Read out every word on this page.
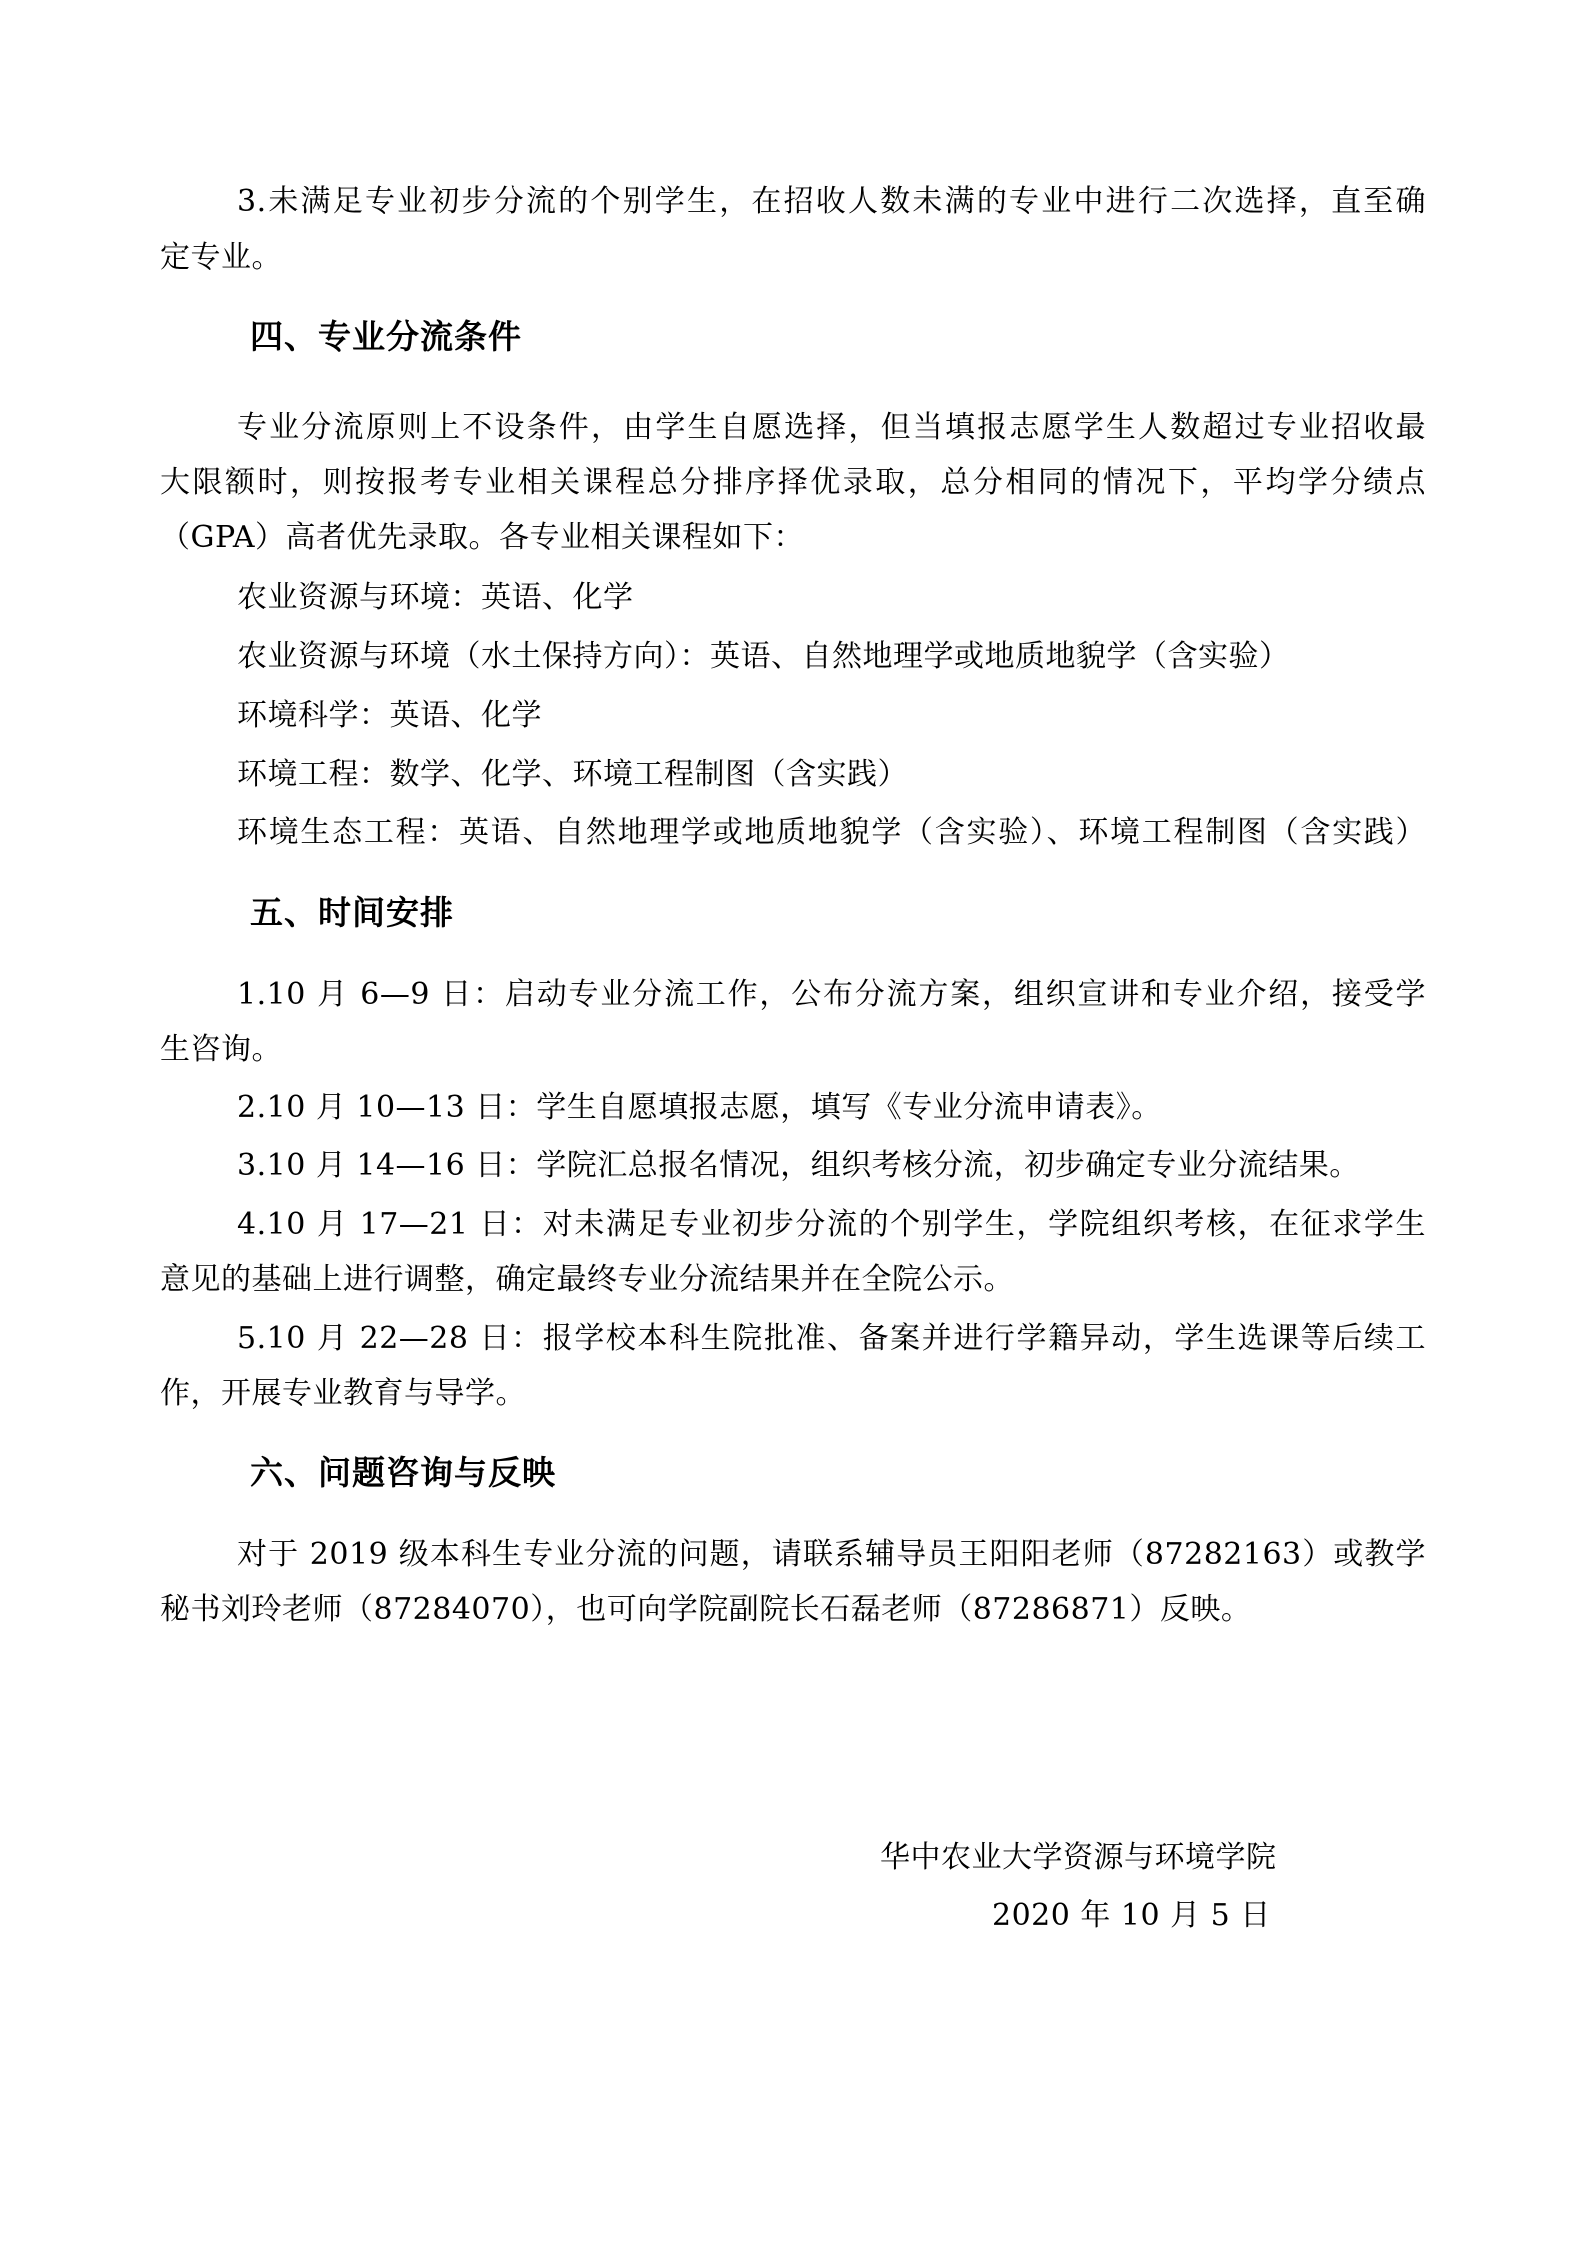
3.未满足专业初步分流的个别学生，在招收人数未满的专业中进行二次选择，直至确
定专业。
四、专业分流条件
专业分流原则上不设条件，由学生自愿选择，但当填报志愿学生人数超过专业招收最
大限额时，则按报考专业相关课程总分排序择优录取，总分相同的情况下，平均学分绩点
（GPA）高者优先录取。各专业相关课程如下：
农业资源与环境：英语、化学
农业资源与环境（水土保持方向）：英语、自然地理学或地质地貌学（含实验）
环境科学：英语、化学
环境工程：数学、化学、环境工程制图（含实践）
环境生态工程：英语、自然地理学或地质地貌学（含实验）、环境工程制图（含实践）
五、时间安排
1.10 月 6—9 日：启动专业分流工作，公布分流方案，组织宣讲和专业介绍，接受学
生咨询。
2.10 月 10—13 日：学生自愿填报志愿，填写《专业分流申请表》。
3.10 月 14—16 日：学院汇总报名情况，组织考核分流，初步确定专业分流结果。
4.10 月 17—21 日：对未满足专业初步分流的个别学生，学院组织考核，在征求学生
意见的基础上进行调整，确定最终专业分流结果并在全院公示。
5.10 月 22—28 日：报学校本科生院批准、备案并进行学籍异动，学生选课等后续工
作，开展专业教育与导学。
六、问题咨询与反映
对于 2019 级本科生专业分流的问题，请联系辅导员王阳阳老师（87282163）或教学
秘书刘玲老师（87284070），也可向学院副院长石磊老师（87286871）反映。
华中农业大学资源与环境学院
2020 年 10 月 5 日
